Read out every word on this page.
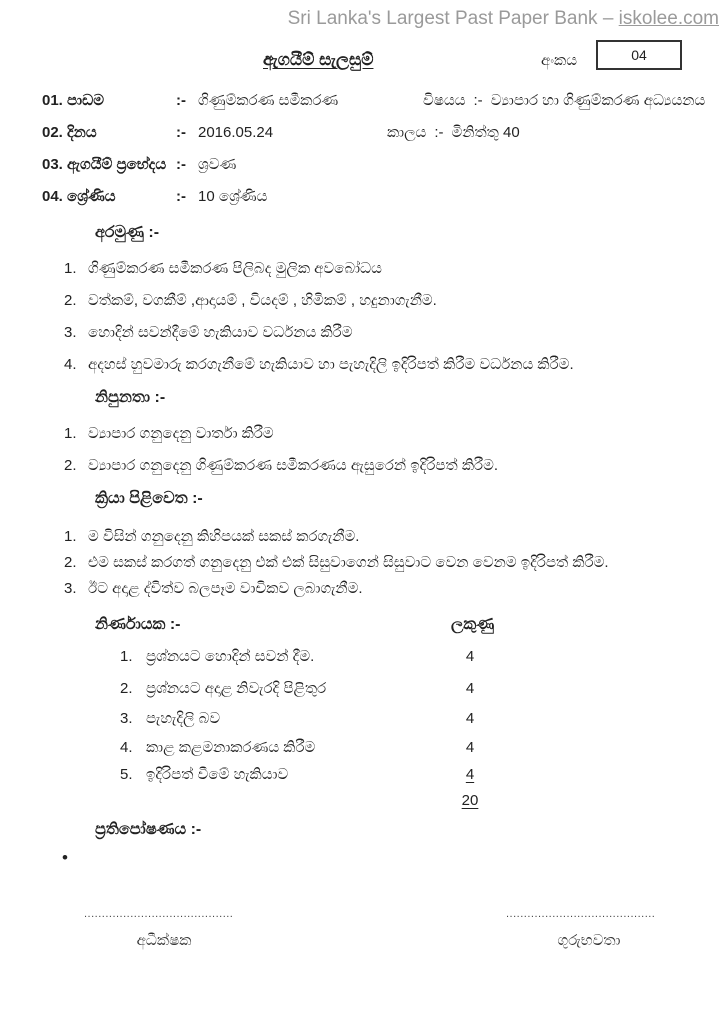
Sri Lanka's Largest Past Paper Bank – iskolee.com
ඇගයීම් සැලසුම්	අංකය	04
01. පාඩම	:- ගිණුම්කරණ සමීකරණ	විෂයය :- ව්‍යාපාර හා ගිණුම්කරණ අධ්‍යයනය
02. දිනය	:- 2016.05.24	කාලය :- මිනිත්තු 40
03. ඇගයීම් ප්‍රභේදය :- ශ්‍රවණ
04. ශ්‍රේණිය	:- 10 ශ්‍රේණිය
අරමුණු :-
1. ගිණුම්කරණ සමීකරණ පිලිබද මුලික අවබෝධය
2. වත්කම්, වගකීම් ,ආදායම් , වියදම් , හිමිකම් , හදුනාගැනීම.
3. හොදින් සවන්දීමේ හැකියාව වර්ධනය කිරීම
4. අදහස් හුවමාරු කරගැනීමේ හැකියාව හා පැහැදිලි ඉදිරිපත් කිරීම වර්ධනය කිරීම.
නිපුනතා :-
1. ව්‍යාපාර ගනුදෙනු වාර්තා කිරීම
2. ව්‍යාපාර ගනුදෙනු ගිණුම්කරණ සමීකරණය ඇසුරෙන් ඉදිරිපත් කිරීම.
ක්‍රියා පිළිවෙත :-
1. ම විසින් ගනුදෙනු කිහිපයක් සකස් කරගැනීම.
2. එම සකස් කරගත් ගනුදෙනු එක් එක් සිසුවාගෙන් සිසුවාට වෙන වෙනම ඉදිරිපත් කිරීම.
3. ඊට අදාළ ද්විත්ව බලපෑම වාචිකව ලබාගැනීම.
නිර්ණායක :-	ලකුණු
1. ප්‍රශ්නයට හොදින් සවන් දීම.	4
2. ප්‍රශ්නයට අදාළ නිවැරදි පිළිතුර	4
3. පැහැදිලි බව	4
4. කාළ කළමනාකරණය කිරීම	4
5. ඉදිරිපත් වීමේ හැකියාව	4
20
ප්‍රතිපෝෂණය :-
•
..........................................
අධීක්ෂක
..........................................
ගුරුභවතා
